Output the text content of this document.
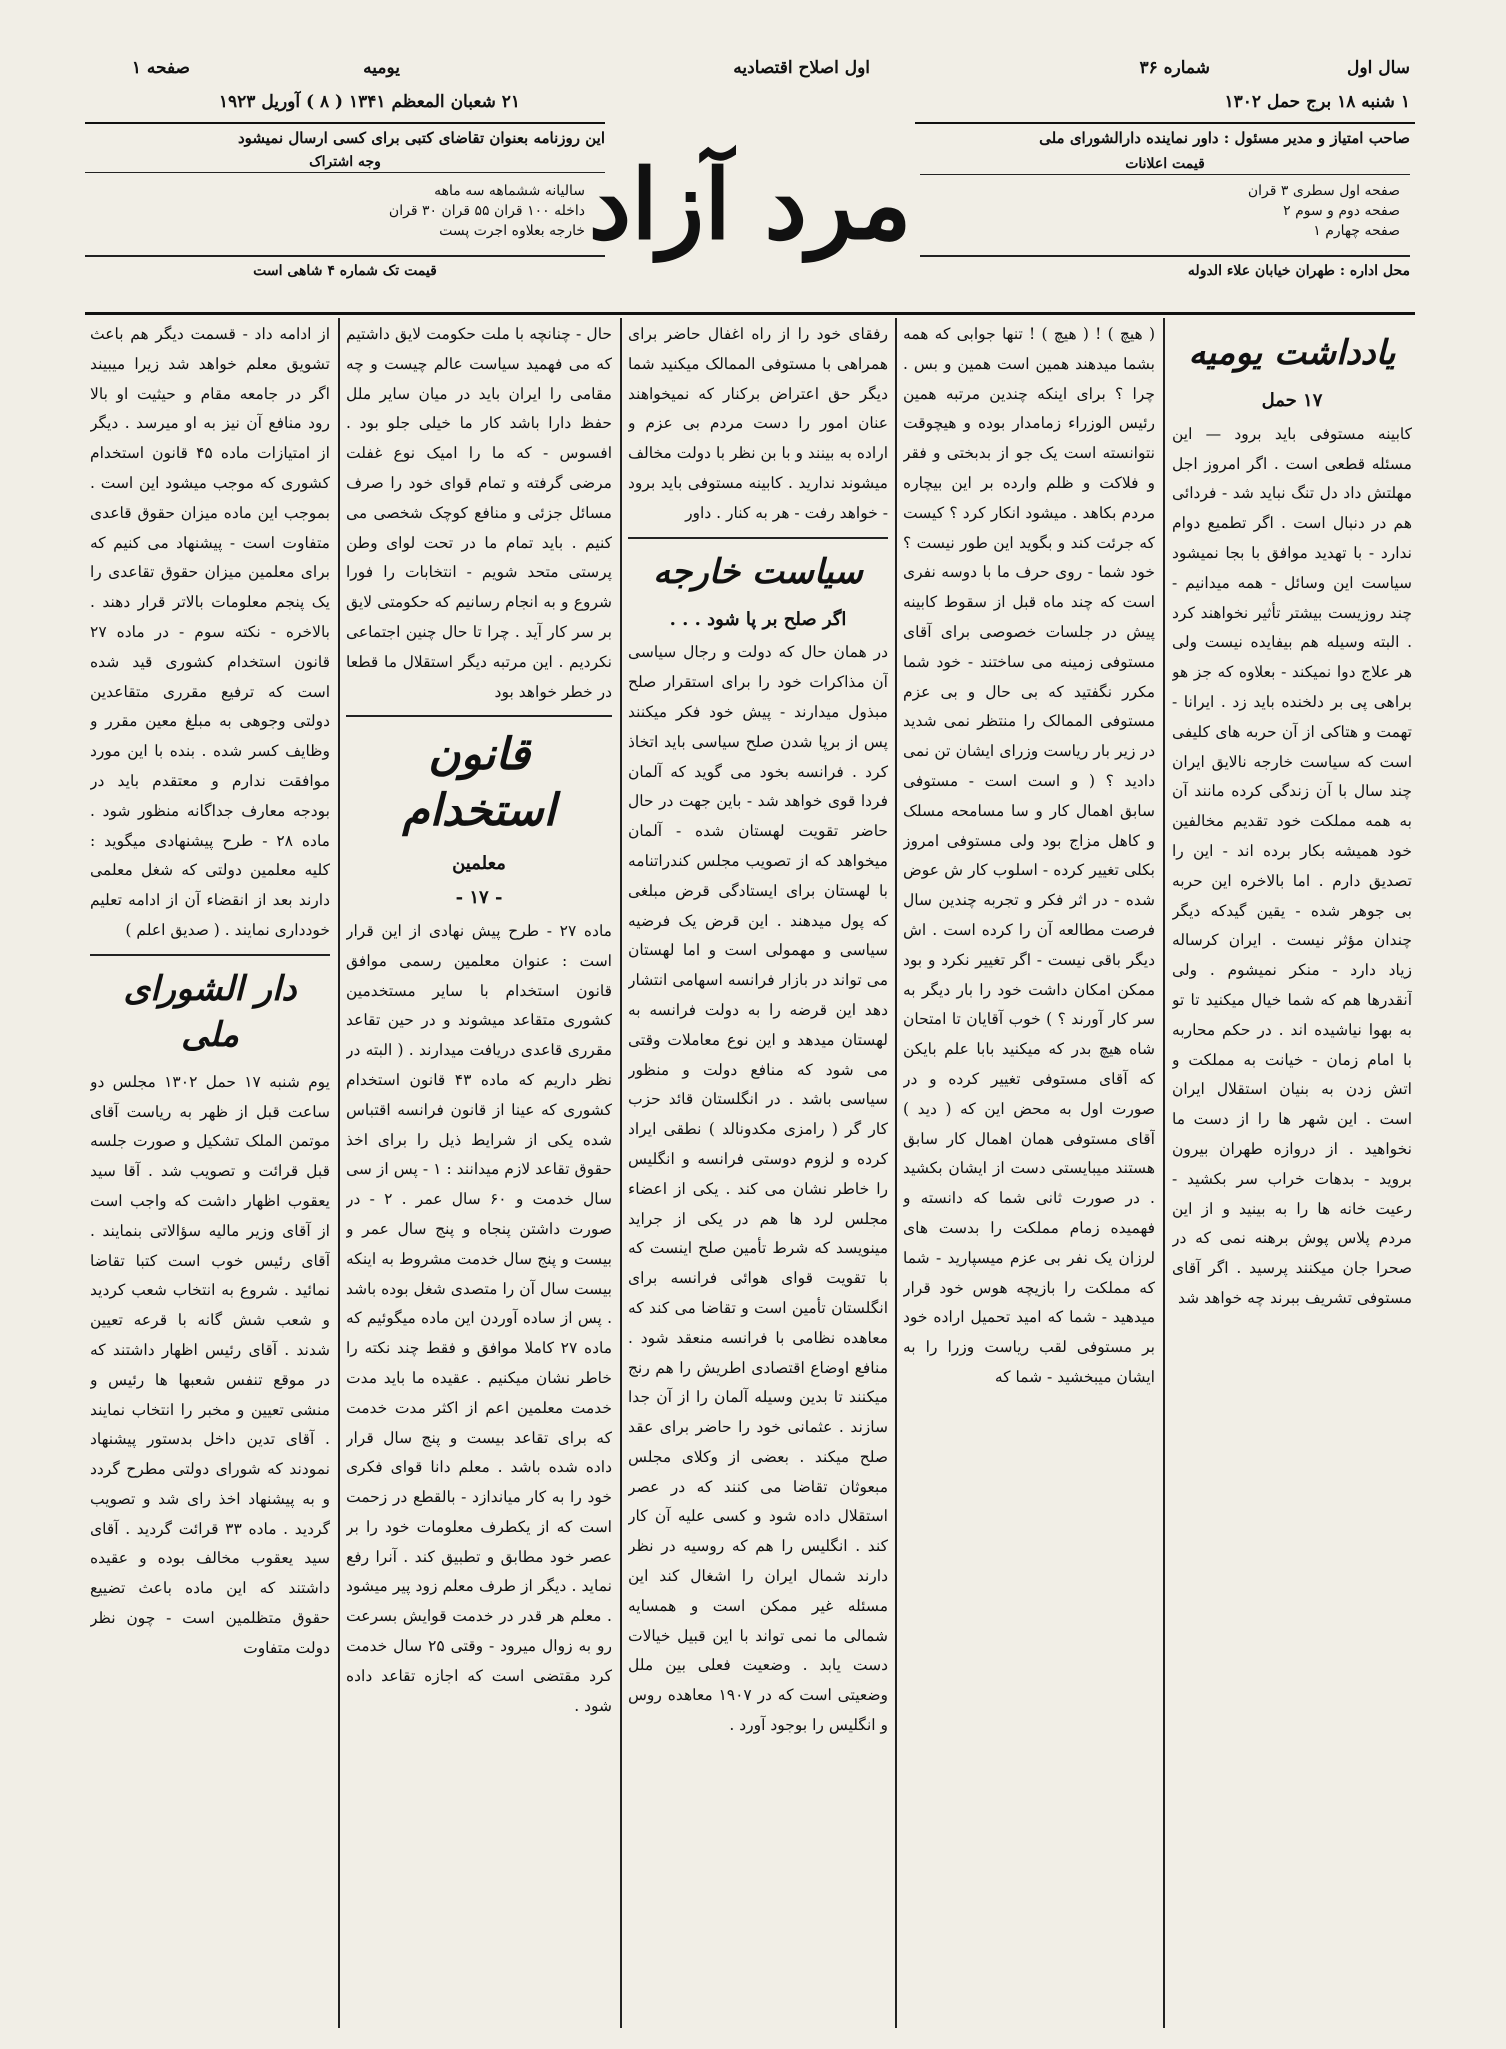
سال اول
شماره ۳۶
اول اصلاح اقتصادیه
یومیه
صفحه ۱
۱ شنبه ۱۸ برج حمل ۱۳۰۲
۲۱ شعبان المعظم ۱۳۴۱ ( ۸ ) آوریل ۱۹۲۳
صاحب امتیاز و مدیر مسئول : داور نماینده دارالشورای ملی
قیمت اعلانات
صفحه اول سطری ۳ قران
صفحه دوم و سوم ۲
صفحه چهارم ۱
محل اداره : طهران خیابان علاء الدوله
این روزنامه بعنوان تقاضای کتبی برای کسی ارسال نمیشود
وجه اشتراک
سالیانه ششماهه سه ماهه
داخله ۱۰۰ قران ۵۵ قران ۳۰ قران
خارجه بعلاوه اجرت پست
قیمت تک شماره ۴ شاهی است
مرد آزاد
یادداشت یومیه
۱۷ حمل

کابینه مستوفی باید برود — این مسئله قطعی است . اگر امروز اجل مهلتش داد دل تنگ نباید شد - فردائی هم در دنبال است . اگر تطمیع دوام ندارد - با تهدید موافق با بجا نمیشود سیاست این وسائل - همه میدانیم - چند روزیست بیشتر تأثیر نخواهند کرد . البته وسیله هم بیفایده نیست ولی هر علاج دوا نمیکند - بعلاوه که جز هو براهی پی بر دلخنده باید زد . ایرانا - تهمت و هتاکی از آن حربه های کلیفی است که سیاست خارجه نالایق ایران چند سال با آن زندگی کرده مانند آن به همه مملکت خود تقدیم مخالفین خود همیشه بکار برده اند - این را تصدیق دارم . اما بالاخره این حربه بی جوهر شده - یقین گیدکه دیگر چندان مؤثر نیست . ایران کرساله زیاد دارد - منکر نمیشوم . ولی آنقدرها هم که شما خیال میکنید تا تو به بهوا نیاشیده اند . در حکم محاربه با امام زمان - خیانت به مملکت و اتش زدن به بنیان استقلال ایران است . این شهر ها را از دست ما نخواهید . از دروازه طهران بیرون بروید - بدهات خراب سر بکشید - رعیت خانه ها را به بینید و از این مردم پلاس پوش برهنه نمی که در صحرا جان میکنند پرسید . اگر آقای مستوفی تشریف ببرند چه خواهد شد

( هیچ ) ! ( هیچ ) ! تنها جوابی که همه بشما میدهند همین است همین و بس . چرا ؟ برای اینکه چندین مرتبه همین رئیس الوزراء زمامدار بوده و هیچوقت نتوانسته است یک جو از بدبختی و فقر و فلاکت و ظلم وارده بر این بیچاره مردم بکاهد . میشود انکار کرد ؟ کیست که جرئت کند و بگوید این طور نیست ؟ خود شما - روی حرف ما با دوسه نفری است که چند ماه قبل از سقوط کابینه پیش در جلسات خصوصی برای آقای مستوفی زمینه می ساختند - خود شما مکرر نگفتید که بی حال و بی عزم مستوفی الممالک را منتظر نمی شدید در زیر بار ریاست وزرای ایشان تن نمی دادید ؟ ( و است است - مستوفی سابق اهمال کار و سا مسامحه مسلک و کاهل مزاج بود ولی مستوفی امروز بکلی تغییر کرده - اسلوب کار ش عوض شده - در اثر فکر و تجربه چندین سال فرصت مطالعه آن را کرده است . اش دیگر باقی نیست - اگر تغییر نکرد و بود ممکن امکان داشت خود را بار دیگر به سر کار آورند ؟ ) خوب آقایان تا امتحان شاه هیچ بدر که میکنید بابا علم بایکن که آقای مستوفی تغییر کرده و در صورت اول به محض این که ( دید ) آقای مستوفی همان اهمال کار سابق هستند میبایستی دست از ایشان بکشید . در صورت ثانی شما که دانسته و فهمیده زمام مملکت را بدست های لرزان یک نفر بی عزم میسپارید - شما که مملکت را بازیچه هوس خود قرار میدهید - شما که امید تحمیل اراده خود بر مستوفی لقب ریاست وزرا را به ایشان میبخشید - شما که

رفقای خود را از راه اغفال حاضر برای همراهی با مستوفی الممالک میکنید شما دیگر حق اعتراض برکنار که نمیخواهند عنان امور را دست مردم بی عزم و اراده به بینند و با بن نظر با دولت مخالف میشوند ندارید . کابینه مستوفی باید برود - خواهد رفت - هر به کنار . داور

سیاست خارجه
اگر صلح بر پا شود . . .

در همان حال که دولت و رجال سیاسی آن مذاکرات خود را برای استقرار صلح مبذول میدارند - پیش خود فکر میکنند پس از برپا شدن صلح سیاسی باید اتخاذ کرد . فرانسه بخود می گوید که آلمان فردا قوی خواهد شد - باین جهت در حال حاضر تقویت لهستان شده - آلمان میخواهد که از تصویب مجلس کندراتنامه با لهستان برای ایستادگی قرض مبلغی که پول میدهند . این قرض یک فرضیه سیاسی و مهمولی است و اما لهستان می تواند در بازار فرانسه اسهامی انتشار دهد این قرضه را به دولت فرانسه به لهستان میدهد و این نوع معاملات وقتی می شود که منافع دولت و منظور سیاسی باشد . در انگلستان قائد حزب کار گر ( رامزی مکدونالد ) نطقی ایراد کرده و لزوم دوستی فرانسه و انگلیس را خاطر نشان می کند . یکی از اعضاء مجلس لرد ها هم در یکی از جراید مینویسد که شرط تأمین صلح اینست که با تقویت قوای هوائی فرانسه برای انگلستان تأمین است و تقاضا می کند که معاهده نظامی با فرانسه منعقد شود . منافع اوضاع اقتصادی اطریش را هم رنج میکنند تا بدین وسیله آلمان را از آن جدا سازند . عثمانی خود را حاضر برای عقد صلح میکند . بعضی از وکلای مجلس مبعوثان تقاضا می کنند که در عصر استقلال داده شود و کسی علیه آن کار کند . انگلیس را هم که روسیه در نظر دارند شمال ایران را اشغال کند این مسئله غیر ممکن است و همسایه شمالی ما نمی تواند با این قبیل خیالات دست یابد . وضعیت فعلی بین ملل وضعیتی است که در ۱۹۰۷ معاهده روس و انگلیس را بوجود آورد .

حال - چنانچه با ملت حکومت لایق داشتیم که می فهمید سیاست عالم چیست و چه مقامی را ایران باید در میان سایر ملل حفظ دارا باشد کار ما خیلی جلو بود . افسوس - که ما را امیک نوع غفلت مرضی گرفته و تمام قوای خود را صرف مسائل جزئی و منافع کوچک شخصی می کنیم . باید تمام ما در تحت لوای وطن پرستی متحد شویم - انتخابات را فورا شروع و به انجام رسانیم که حکومتی لایق بر سر کار آید . چرا تا حال چنین اجتماعی نکردیم . این مرتبه دیگر استقلال ما قطعا در خطر خواهد بود

قانون استخدام
معلمین
- ۱۷ -

ماده ۲۷ - طرح پیش نهادی از این قرار است : عنوان معلمین رسمی موافق قانون استخدام با سایر مستخدمین کشوری متقاعد میشوند و در حین تقاعد مقرری قاعدی دریافت میدارند . ( البته در نظر داریم که ماده ۴۳ قانون استخدام کشوری که عینا از قانون فرانسه اقتباس شده یکی از شرایط ذیل را برای اخذ حقوق تقاعد لازم میدانند : ۱ - پس از سی سال خدمت و ۶۰ سال عمر . ۲ - در صورت داشتن پنجاه و پنج سال عمر و بیست و پنج سال خدمت مشروط به اینکه بیست سال آن را متصدی شغل بوده باشد . پس از ساده آوردن این ماده میگوئیم که ماده ۲۷ کاملا موافق و فقط چند نکته را خاطر نشان میکنیم . عقیده ما باید مدت خدمت معلمین اعم از اکثر مدت خدمت که برای تقاعد بیست و پنج سال قرار داده شده باشد . معلم دانا قوای فکری خود را به کار میاندازد - بالقطع در زحمت است که از یکطرف معلومات خود را بر عصر خود مطابق و تطبیق کند . آنرا رفع نماید . دیگر از طرف معلم زود پیر میشود . معلم هر قدر در خدمت قوایش بسرعت رو به زوال میرود - وقتی ۲۵ سال خدمت کرد مقتضی است که اجازه تقاعد داده شود .

از ادامه داد - قسمت دیگر هم باعث تشویق معلم خواهد شد زیرا میبیند اگر در جامعه مقام و حیثیت او بالا رود منافع آن نیز به او میرسد . دیگر از امتیازات ماده ۴۵ قانون استخدام کشوری که موجب میشود این است . بموجب این ماده میزان حقوق قاعدی متفاوت است - پیشنهاد می کنیم که برای معلمین میزان حقوق تقاعدی را یک پنجم معلومات بالاتر قرار دهند . بالاخره - نکته سوم - در ماده ۲۷ قانون استخدام کشوری قید شده است که ترفیع مقرری متقاعدین دولتی وجوهی به مبلغ معین مقرر و وظایف کسر شده . بنده با این مورد موافقت ندارم و معتقدم باید در بودجه معارف جداگانه منظور شود . ماده ۲۸ - طرح پیشنهادی میگوید : کلیه معلمین دولتی که شغل معلمی دارند بعد از انقضاء آن از ادامه تعلیم خودداری نمایند . ( صدیق اعلم )

دار الشورای ملی

یوم شنبه ۱۷ حمل ۱۳۰۲ مجلس دو ساعت قبل از ظهر به ریاست آقای موتمن الملک تشکیل و صورت جلسه قبل قرائت و تصویب شد . آقا سید یعقوب اظهار داشت که واجب است از آقای وزیر مالیه سؤالاتی بنمایند . آقای رئیس خوب است کتبا تقاضا نمائید . شروع به انتخاب شعب کردید و شعب شش گانه با قرعه تعیین شدند . آقای رئیس اظهار داشتند که در موقع تنفس شعبها ها رئیس و منشی تعیین و مخبر را انتخاب نمایند . آقای تدین داخل بدستور پیشنهاد نمودند که شورای دولتی مطرح گردد و به پیشنهاد اخذ رای شد و تصویب گردید . ماده ۳۳ قرائت گردید . آقای سید یعقوب مخالف بوده و عقیده داشتند که این ماده باعث تضییع حقوق متظلمین است - چون نظر دولت متفاوت
